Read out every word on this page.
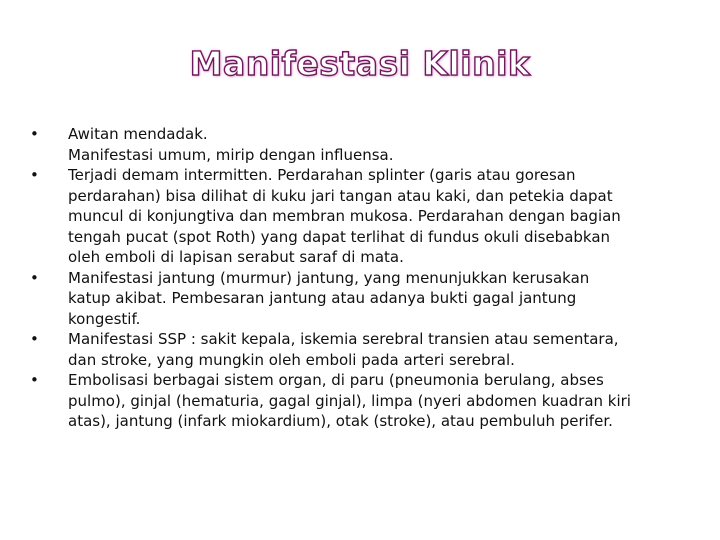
Manifestasi Klinik
•	Awitan mendadak.
Manifestasi umum, mirip dengan influensa.
•	Terjadi demam intermitten. Perdarahan splinter (garis atau goresan
perdarahan) bisa dilihat di kuku jari tangan atau kaki, dan petekia dapat
muncul di konjungtiva dan membran mukosa. Perdarahan dengan bagian
tengah pucat (spot Roth) yang dapat terlihat di fundus okuli disebabkan
oleh emboli di lapisan serabut saraf di mata.
•	Manifestasi jantung (murmur) jantung, yang menunjukkan kerusakan
katup akibat. Pembesaran jantung atau adanya bukti gagal jantung
kongestif.
•	Manifestasi SSP : sakit kepala, iskemia serebral transien atau sementara,
dan stroke, yang mungkin oleh emboli pada arteri serebral.
•	Embolisasi berbagai sistem organ, di paru (pneumonia berulang, abses
pulmo), ginjal (hematuria, gagal ginjal), limpa (nyeri abdomen kuadran kiri
atas), jantung (infark miokardium), otak (stroke), atau pembuluh perifer.
